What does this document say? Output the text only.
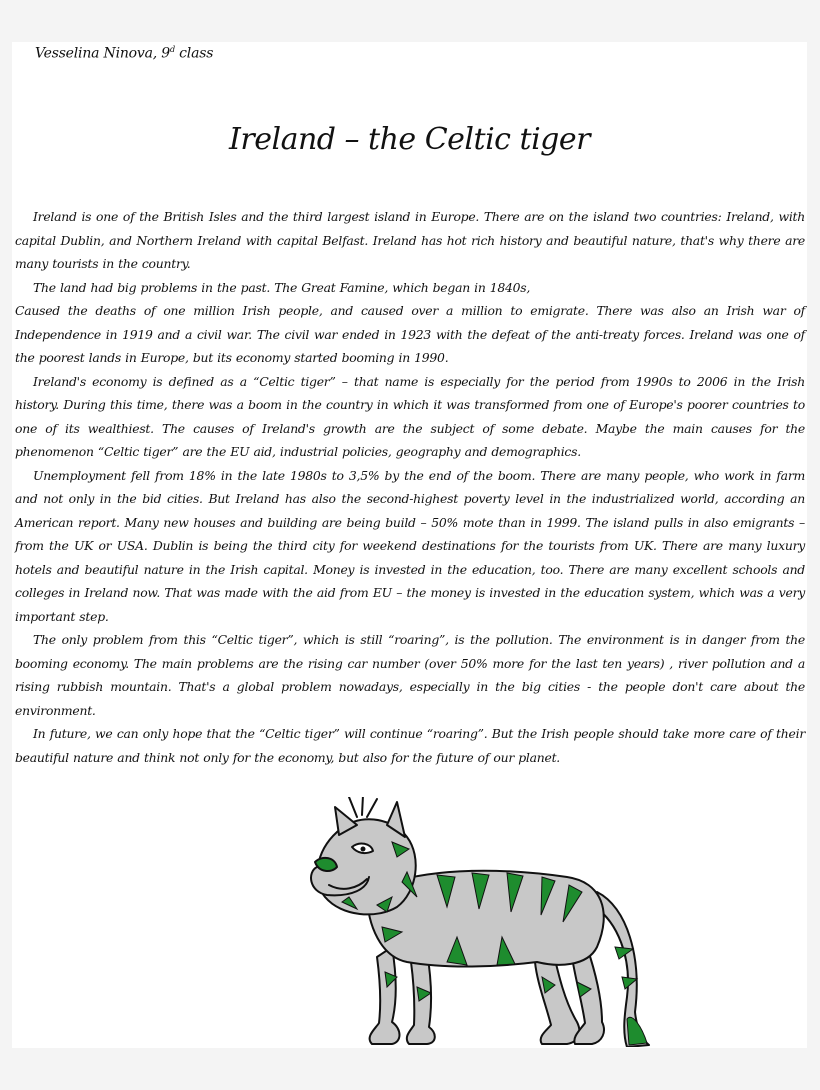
Vesselina Ninova, 9$^d$ class
Ireland – the Celtic tiger

Ireland is one of the British Isles and the third largest island in Europe. There are on the island two countries: Ireland, with capital Dublin, and Northern Ireland with capital Belfast. Ireland has hot rich history and beautiful nature, that's why there are many tourists in the country.

The land had big problems in the past. The Great Famine, which began in 1840s,

Caused the deaths of one million Irish people, and caused over a million to emigrate. There was also an Irish war of Independence in 1919 and a civil war. The civil war ended in 1923 with the defeat of the anti-treaty forces. Ireland was one of the poorest lands in Europe, but its economy started booming in 1990.

Ireland's economy is defined as a “Celtic tiger” – that name is especially for the period from 1990s to 2006 in the Irish history. During this time, there was a boom in the country in which it was transformed from one of Europe's poorer countries to one of its wealthiest. The causes of Ireland's growth are the subject of some debate. Maybe the main causes for the phenomenon “Celtic tiger” are the EU aid, industrial policies, geography and demographics.

Unemployment fell from 18% in the late 1980s to 3,5% by the end of the boom. There are many people, who work in farm and not only in the bid cities. But Ireland has also the second-highest poverty level in the industrialized world, according an American report. Many new houses and building are being build – 50% mote than in 1999. The island pulls in also emigrants – from the UK or USA. Dublin is being the third city for weekend destinations for the tourists from UK. There are many luxury hotels and beautiful nature in the Irish capital. Money is invested in the education, too. There are many excellent schools and colleges in Ireland now. That was made with the aid from EU – the money is invested in the education system, which was a very important step.

The only problem from this “Celtic tiger”, which is still “roaring”, is the pollution. The environment is in danger from the booming economy. The main problems are the rising car number (over 50% more for the last ten years) , river pollution and a rising rubbish mountain. That's a global problem nowadays, especially in the big cities - the people don't care about the environment.

In future, we can only hope that the “Celtic tiger” will continue “roaring”. But the Irish people should take more care of their beautiful nature and think not only for the economy, but also for the future of our planet.
